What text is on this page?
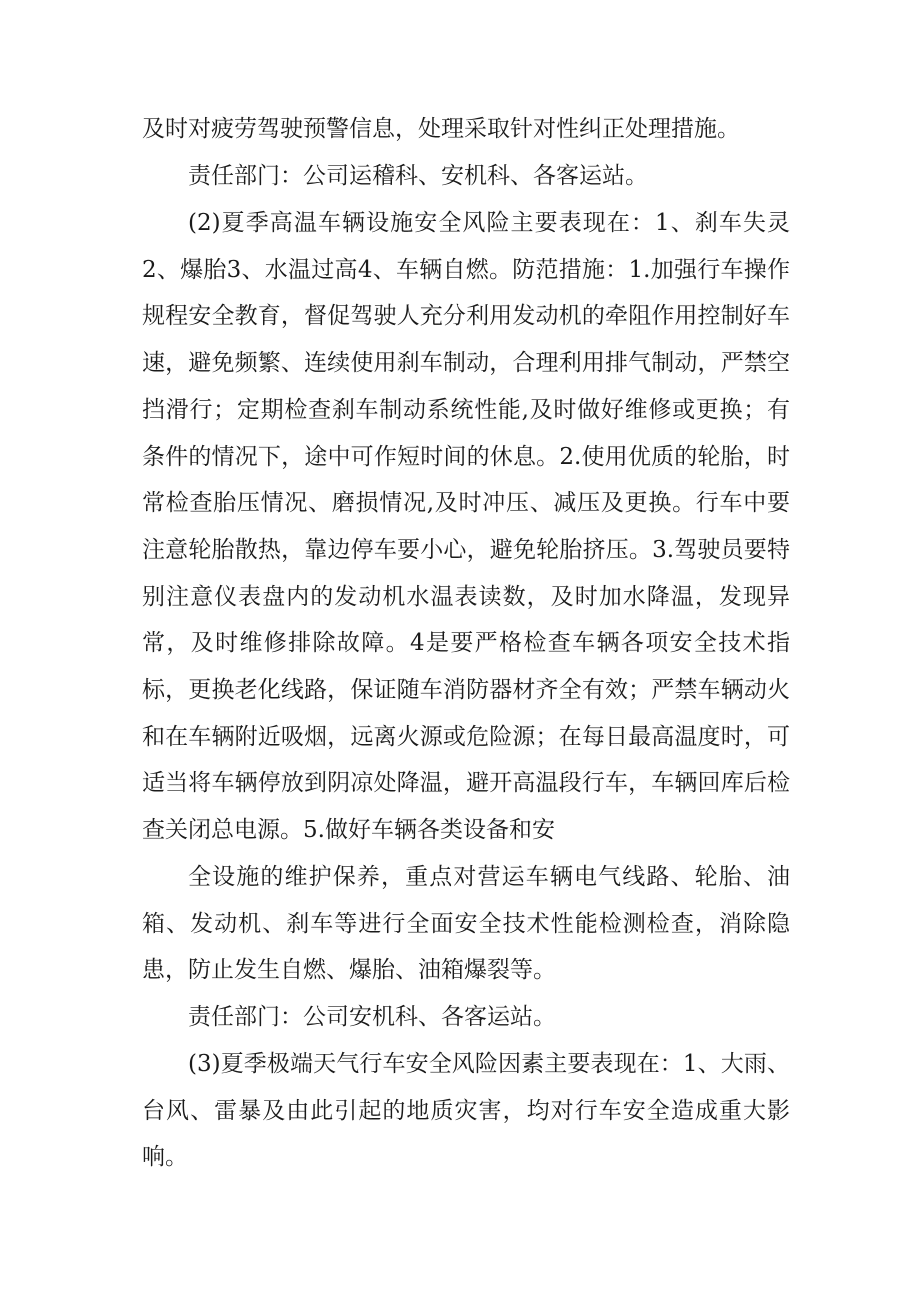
及时对疲劳驾驶预警信息，处理采取针对性纠正处理措施。

责任部门：公司运稽科、安机科、各客运站。

(2)夏季高温车辆设施安全风险主要表现在：1、刹车失灵2、爆胎3、水温过高4、车辆自燃。防范措施：1.加强行车操作规程安全教育，督促驾驶人充分利用发动机的牵阻作用控制好车速，避免频繁、连续使用刹车制动，合理利用排气制动，严禁空挡滑行；定期检查刹车制动系统性能,及时做好维修或更换；有条件的情况下，途中可作短时间的休息。2.使用优质的轮胎，时常检查胎压情况、磨损情况,及时冲压、减压及更换。行车中要注意轮胎散热，靠边停车要小心，避免轮胎挤压。3.驾驶员要特别注意仪表盘内的发动机水温表读数，及时加水降温，发现异常，及时维修排除故障。4是要严格检查车辆各项安全技术指标，更换老化线路，保证随车消防器材齐全有效；严禁车辆动火和在车辆附近吸烟，远离火源或危险源；在每日最高温度时，可适当将车辆停放到阴凉处降温，避开高温段行车，车辆回库后检查关闭总电源。5.做好车辆各类设备和安

全设施的维护保养，重点对营运车辆电气线路、轮胎、油箱、发动机、刹车等进行全面安全技术性能检测检查，消除隐患，防止发生自燃、爆胎、油箱爆裂等。

责任部门：公司安机科、各客运站。

(3)夏季极端天气行车安全风险因素主要表现在：1、大雨、台风、雷暴及由此引起的地质灾害，均对行车安全造成重大影响。
